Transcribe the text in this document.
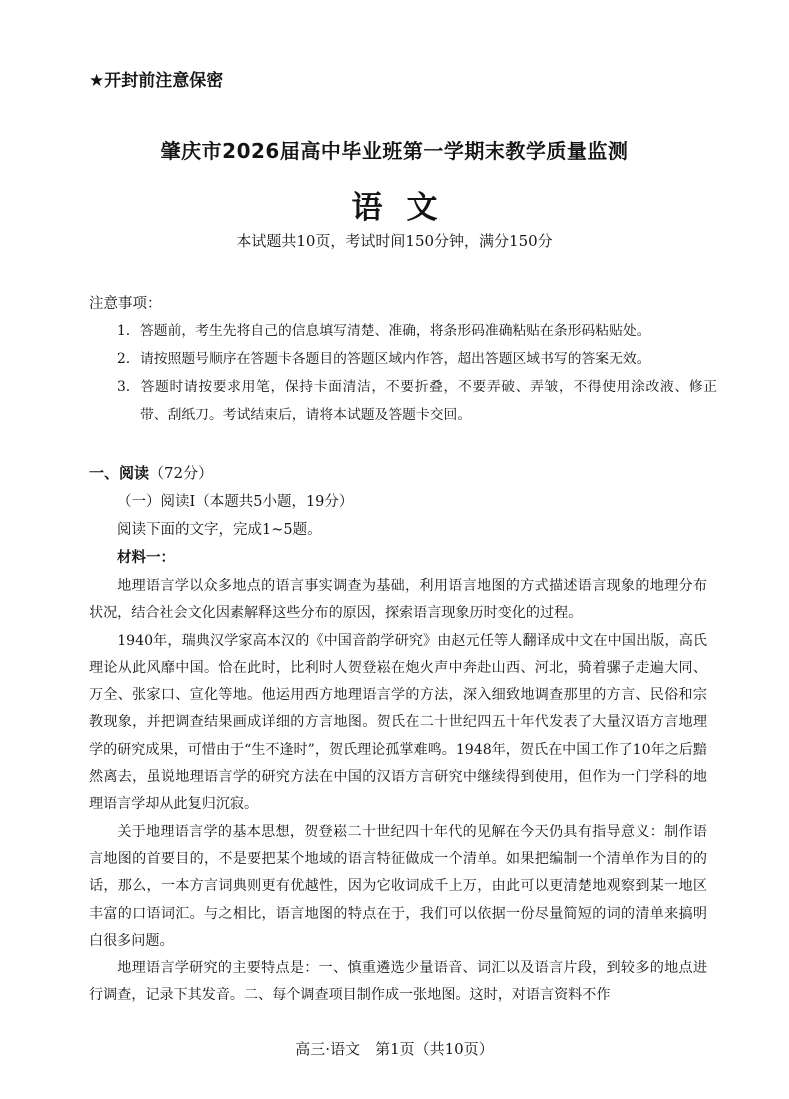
★开封前注意保密
肇庆市2026届高中毕业班第一学期末教学质量监测
语文
本试题共10页，考试时间150分钟，满分150分
注意事项：
1. 答题前，考生先将自己的信息填写清楚、准确，将条形码准确粘贴在条形码粘贴处。
2. 请按照题号顺序在答题卡各题目的答题区域内作答，超出答题区域书写的答案无效。
3. 答题时请按要求用笔，保持卡面清洁，不要折叠，不要弄破、弄皱，不得使用涂改液、修正带、刮纸刀。考试结束后，请将本试题及答题卡交回。
一、阅读（72分）
（一）阅读Ⅰ（本题共5小题，19分）
阅读下面的文字，完成1~5题。
材料一：

地理语言学以众多地点的语言事实调查为基础，利用语言地图的方式描述语言现象的地理分布状况，结合社会文化因素解释这些分布的原因，探索语言现象历时变化的过程。

1940年，瑞典汉学家高本汉的《中国音韵学研究》由赵元任等人翻译成中文在中国出版，高氏理论从此风靡中国。恰在此时，比利时人贺登崧在炮火声中奔赴山西、河北，骑着骡子走遍大同、万全、张家口、宣化等地。他运用西方地理语言学的方法，深入细致地调查那里的方言、民俗和宗教现象，并把调查结果画成详细的方言地图。贺氏在二十世纪四五十年代发表了大量汉语方言地理学的研究成果，可惜由于“生不逢时”，贺氏理论孤掌难鸣。1948年，贺氏在中国工作了10年之后黯然离去，虽说地理语言学的研究方法在中国的汉语方言研究中继续得到使用，但作为一门学科的地理语言学却从此复归沉寂。

关于地理语言学的基本思想，贺登崧二十世纪四十年代的见解在今天仍具有指导意义：制作语言地图的首要目的，不是要把某个地域的语言特征做成一个清单。如果把编制一个清单作为目的的话，那么，一本方言词典则更有优越性，因为它收词成千上万，由此可以更清楚地观察到某一地区丰富的口语词汇。与之相比，语言地图的特点在于，我们可以依据一份尽量简短的词的清单来搞明白很多问题。

地理语言学研究的主要特点是：一、慎重遴选少量语音、词汇以及语言片段，到较多的地点进行调查，记录下其发音。二、每个调查项目制作成一张地图。这时，对语言资料不作

高三·语文　第1页（共10页）
